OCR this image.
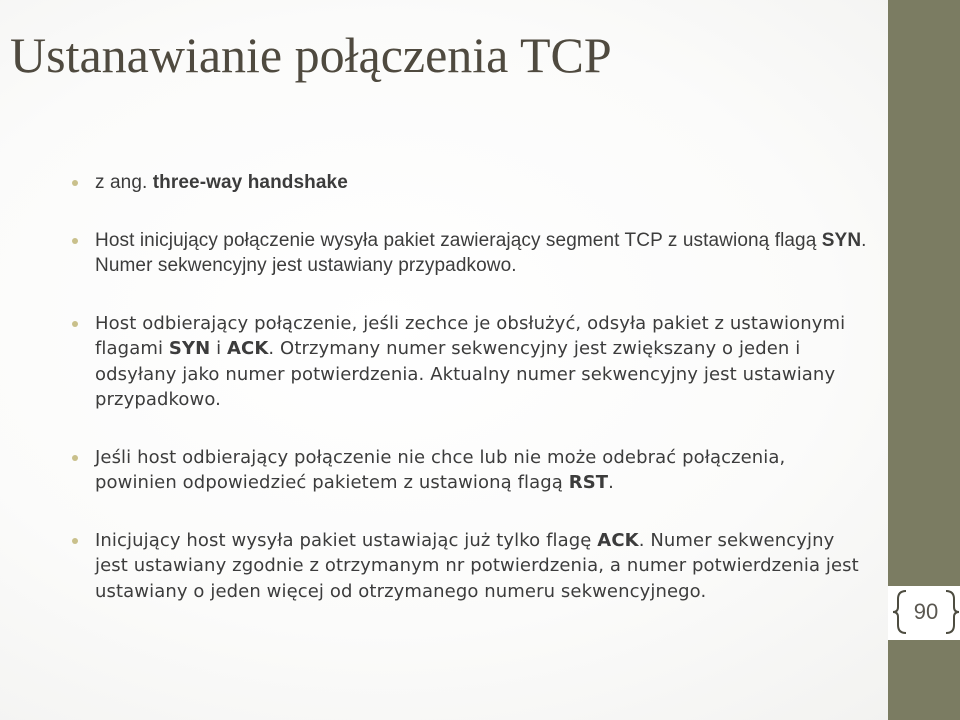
Ustanawianie połączenia TCP
z ang. three-way handshake
Host inicjujący połączenie wysyła pakiet zawierający segment TCP z ustawioną flagą SYN. Numer sekwencyjny jest ustawiany przypadkowo.
Host odbierający połączenie, jeśli zechce je obsłużyć, odsyła pakiet z ustawionymi flagami SYN i ACK. Otrzymany numer sekwencyjny jest zwiększany o jeden i odsyłany jako numer potwierdzenia. Aktualny numer sekwencyjny jest ustawiany przypadkowo.
Jeśli host odbierający połączenie nie chce lub nie może odebrać połączenia, powinien odpowiedzieć pakietem z ustawioną flagą RST.
Inicjujący host wysyła pakiet ustawiając już tylko flagę ACK. Numer sekwencyjny jest ustawiany zgodnie z otrzymanym nr potwierdzenia, a numer potwierdzenia jest ustawiany o jeden więcej od otrzymanego numeru sekwencyjnego.
90
